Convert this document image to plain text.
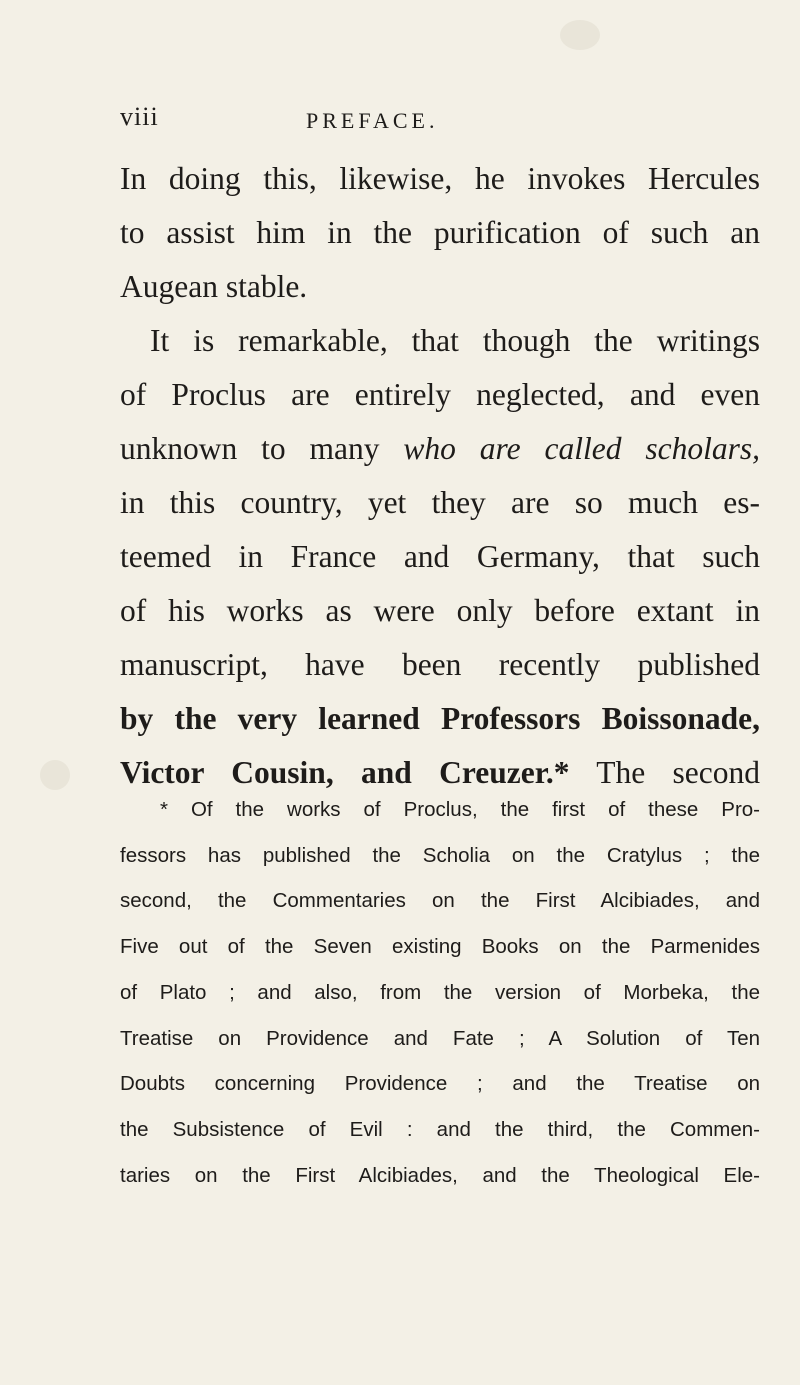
viii	PREFACE.
In doing this, likewise, he invokes Hercules
to assist him in the purification of such an
Augean stable.
It is remarkable, that though the writings
of Proclus are entirely neglected, and even
unknown to many who are called scholars,
in this country, yet they are so much es-
teemed in France and Germany, that such
of his works as were only before extant in
manuscript, have been recently published
by the very learned Professors Boissonade,
Victor Cousin, and Creuzer.* The second
* Of the works of Proclus, the first of these Pro-
fessors has published the Scholia on the Cratylus ; the
second, the Commentaries on the First Alcibiades, and
Five out of the Seven existing Books on the Parmenides
of Plato ; and also, from the version of Morbeka, the
Treatise on Providence and Fate ; A Solution of Ten
Doubts concerning Providence ; and the Treatise on
the Subsistence of Evil : and the third, the Commen-
taries on the First Alcibiades, and the Theological Ele-
